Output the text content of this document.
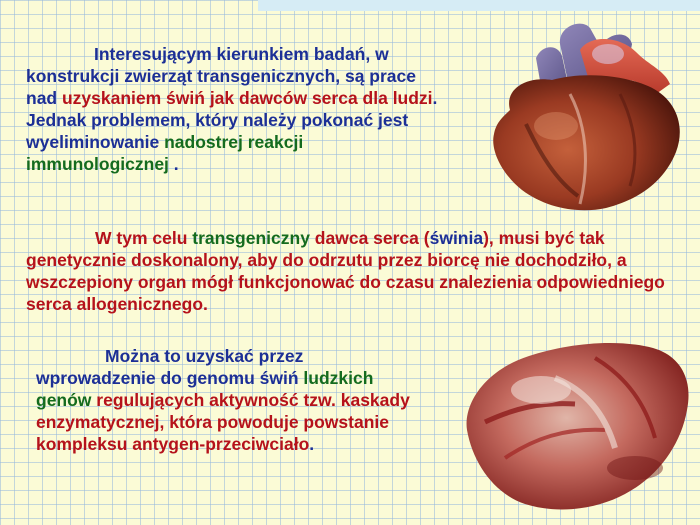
Interesującym kierunkiem badań, w konstrukcji zwierząt transgenicznych, są prace nad uzyskaniem świń jak dawców serca dla ludzi. Jednak problemem, który należy pokonać jest wyeliminowanie nadostrej reakcji immunologicznej .

W tym celu transgeniczny dawca serca (świnia), musi być tak genetycznie doskonalony, aby do odrzutu przez biorcę nie dochodziło, a wszczepiony organ mógł funkcjonować do czasu znalezienia odpowiedniego serca allogenicznego.

Można to uzyskać przez wprowadzenie do genomu świń ludzkich genów regulujących aktywność tzw. kaskady enzymatycznej, która powoduje powstanie kompleksu antygen-przeciwciało.
